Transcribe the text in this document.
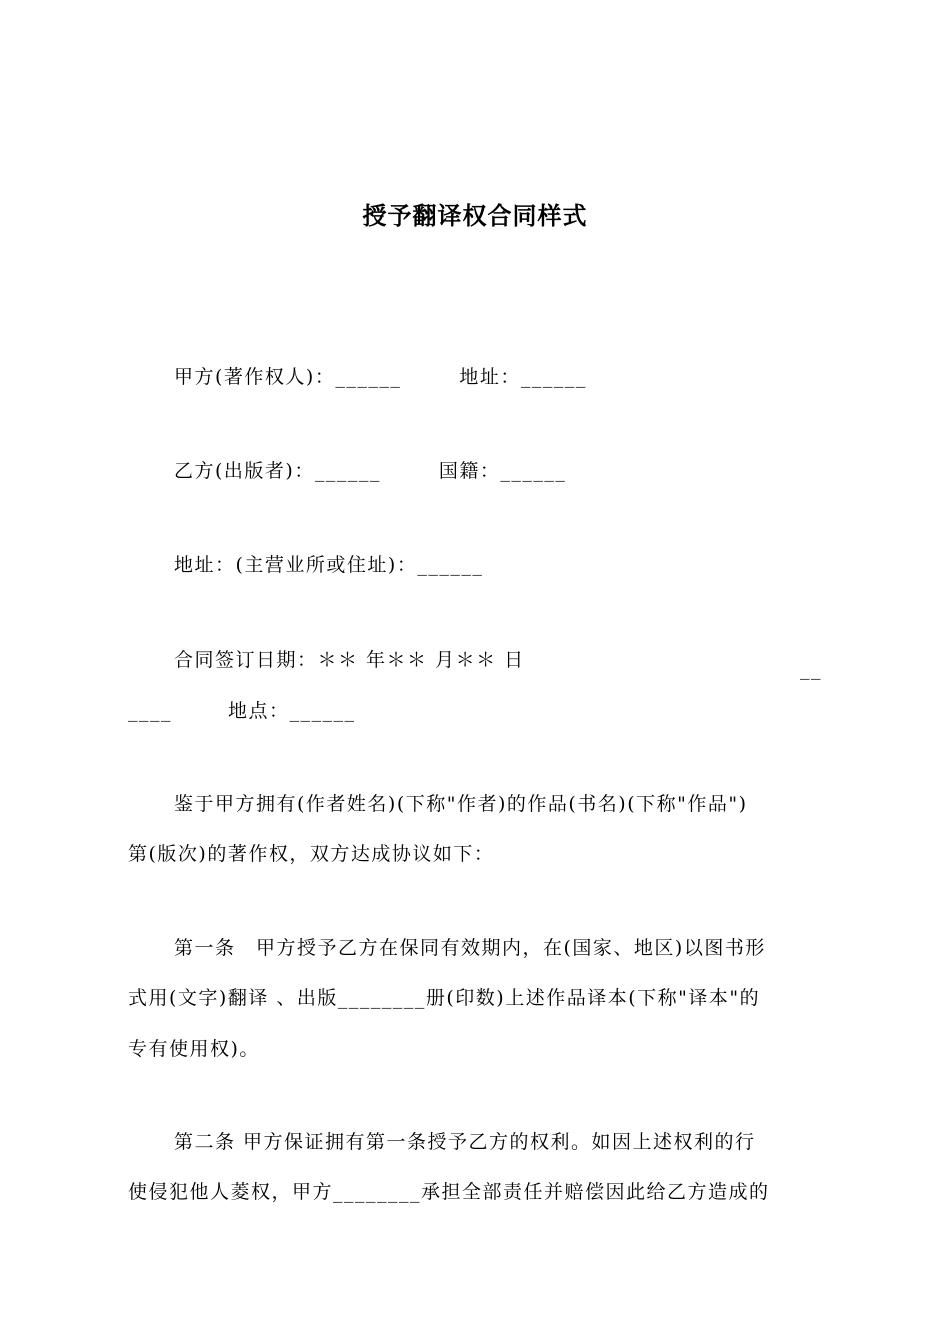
授予翻译权合同样式
甲方(著作权人)：______	地址：______
乙方(出版者)：______	国籍：______
地址：(主营业所或住址)：______
合同签订日期：＊＊ 年＊＊ 月＊＊ 日	__
____	地点：______
鉴于甲方拥有(作者姓名)(下称"作者)的作品(书名)(下称"作品")
第(版次)的著作权，双方达成协议如下：
第一条　甲方授予乙方在保同有效期内，在(国家、地区)以图书形
式用(文字)翻译 、出版________册(印数)上述作品译本(下称"译本"的
专有使用权)。
第二条 甲方保证拥有第一条授予乙方的权利。如因上述权利的行
使侵犯他人菱权，甲方________承担全部责任并赔偿因此给乙方造成的
